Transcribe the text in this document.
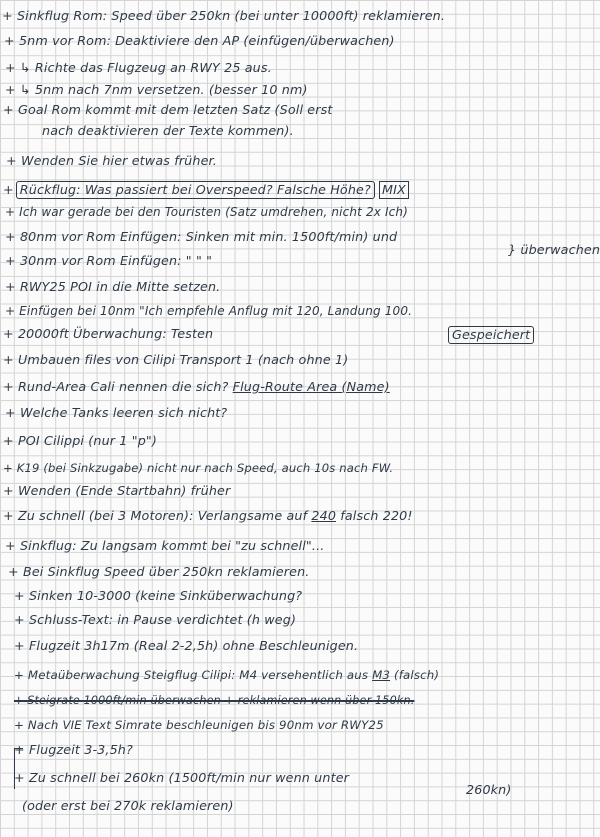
+ Sinkflug Rom: Speed über 250kn (bei unter 10000ft) reklamieren.
+ 5nm vor Rom: Deaktiviere den AP (einfügen/überwachen)
+ ↳ Richte das Flugzeug an RWY 25 aus.
+ ↳ 5nm nach 7nm versetzen. (besser 10 nm)
+ Goal Rom kommt mit dem letzten Satz (Soll erst
nach deaktivieren der Texte kommen).
+ Wenden Sie hier etwas früher.
+ Rückflug: Was passiert bei Overspeed? Falsche Höhe? MIX
+ Ich war gerade bei den Touristen (Satz umdrehen, nicht 2x Ich)
+ 80nm vor Rom Einfügen: Sinken mit min. 1500ft/min) und
+ 30nm vor Rom Einfügen: " " "
} überwachen
+ RWY25 POI in die Mitte setzen.
+ Einfügen bei 10nm "Ich empfehle Anflug mit 120, Landung 100.
+ 20000ft Überwachung: Testen	Gespeichert
+ Umbauen files von Cilipi Transport 1 (nach ohne 1)
+ Rund-Area Cali nennen die sich? Flug-Route Area (Name)
+ Welche Tanks leeren sich nicht?
+ POI Cilippi (nur 1 "p")
+ K19 (bei Sinkzugabe) nicht nur nach Speed, auch 10s nach FW.
+ Wenden (Ende Startbahn) früher
+ Zu schnell (bei 3 Motoren): Verlangsame auf 240 falsch 220!
+ Sinkflug: Zu langsam kommt bei "zu schnell"...
+ Bei Sinkflug Speed über 250kn reklamieren.
+ Sinken 10-3000 (keine Sinküberwachung?
+ Schluss-Text: in Pause verdichtet (h weg)
+ Flugzeit 3h17m (Real 2-2,5h) ohne Beschleunigen.
+ Metaüberwachung Steigflug Cilipi: M4 versehentlich aus M3 (falsch)
+ Steigrate 1000ft/min überwachen + reklamieren wenn über 150kn.
+ Nach VIE Text Simrate beschleunigen bis 90nm vor RWY25
+ Flugzeit 3-3,5h?
+ Zu schnell bei 260kn (1500ft/min nur wenn unter
260kn)
(oder erst bei 270k reklamieren)
